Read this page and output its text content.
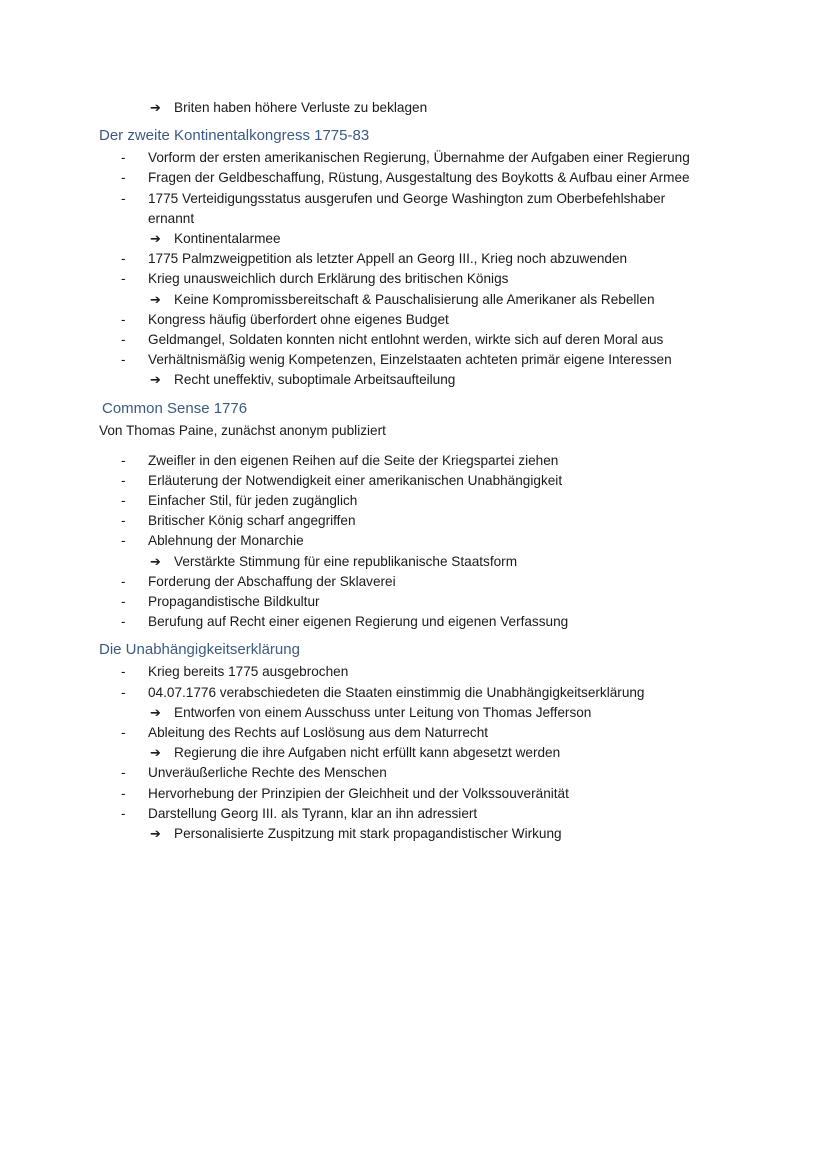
➔ Briten haben höhere Verluste zu beklagen
Der zweite Kontinentalkongress 1775-83
-	Vorform der ersten amerikanischen Regierung, Übernahme der Aufgaben einer Regierung
-	Fragen der Geldbeschaffung, Rüstung, Ausgestaltung des Boykotts & Aufbau einer Armee
-	1775 Verteidigungsstatus ausgerufen und George Washington zum Oberbefehlshaber ernannt
➔ Kontinentalarmee
-	1775 Palmzweigpetition als letzter Appell an Georg III., Krieg noch abzuwenden
-	Krieg unausweichlich durch Erklärung des britischen Königs
➔ Keine Kompromissbereitschaft & Pauschalisierung alle Amerikaner als Rebellen
-	Kongress häufig überfordert ohne eigenes Budget
-	Geldmangel, Soldaten konnten nicht entlohnt werden, wirkte sich auf deren Moral aus
-	Verhältnismäßig wenig Kompetenzen, Einzelstaaten achteten primär eigene Interessen
➔ Recht uneffektiv, suboptimale Arbeitsaufteilung
Common Sense 1776
Von Thomas Paine, zunächst anonym publiziert
-	Zweifler in den eigenen Reihen auf die Seite der Kriegspartei ziehen
-	Erläuterung der Notwendigkeit einer amerikanischen Unabhängigkeit
-	Einfacher Stil, für jeden zugänglich
-	Britischer König scharf angegriffen
-	Ablehnung der Monarchie
➔ Verstärkte Stimmung für eine republikanische Staatsform
-	Forderung der Abschaffung der Sklaverei
-	Propagandistische Bildkultur
-	Berufung auf Recht einer eigenen Regierung und eigenen Verfassung
Die Unabhängigkeitserklärung
-	Krieg bereits 1775 ausgebrochen
-	04.07.1776 verabschiedeten die Staaten einstimmig die Unabhängigkeitserklärung
➔ Entworfen von einem Ausschuss unter Leitung von Thomas Jefferson
-	Ableitung des Rechts auf Loslösung aus dem Naturrecht
➔ Regierung die ihre Aufgaben nicht erfüllt kann abgesetzt werden
-	Unveräußerliche Rechte des Menschen
-	Hervorhebung der Prinzipien der Gleichheit und der Volkssouveränität
-	Darstellung Georg III. als Tyrann, klar an ihn adressiert
➔ Personalisierte Zuspitzung mit stark propagandistischer Wirkung
